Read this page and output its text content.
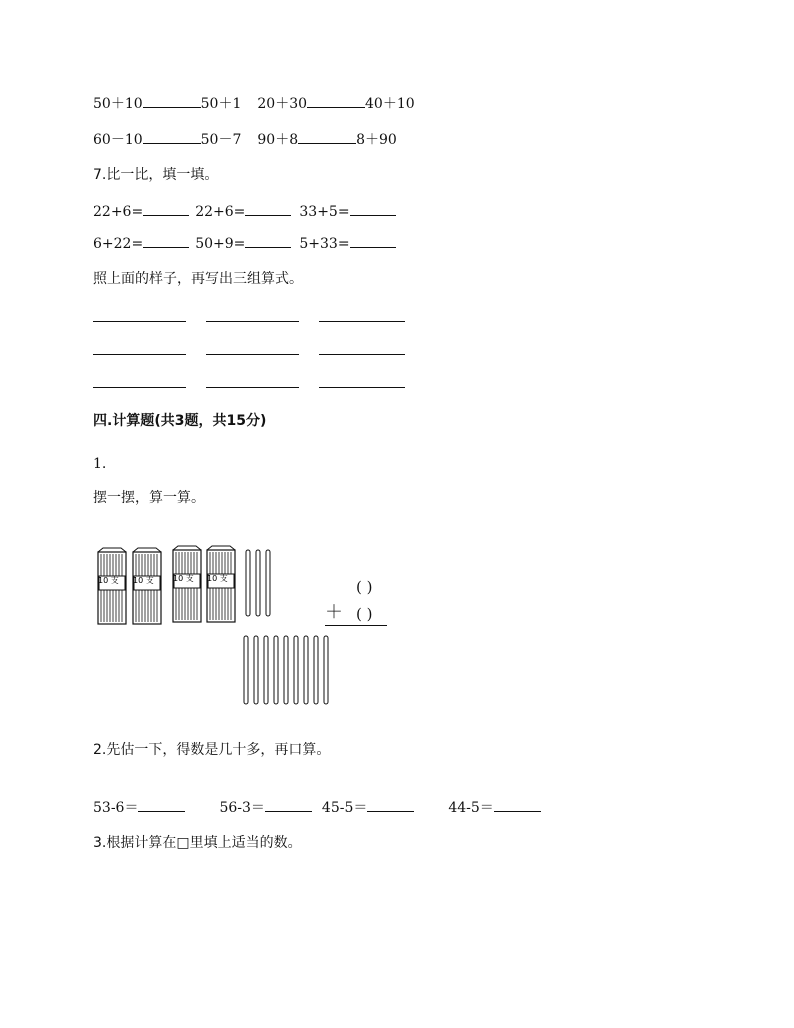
50＋10	50＋1 20＋30	40＋10
60－10	50－7 90＋8	8＋90
7.比一比，填一填。
22+6=	22+6=	33+5=
6+22=	50+9=	5+33=
照上面的样子，再写出三组算式。
四.计算题(共3题，共15分)
1.
摆一摆，算一算。
10 支 10 支 10 支 10 支	( )
＋ ( )
2.先估一下，得数是几十多，再口算。
53-6＝	56-3＝	45-5＝	44-5＝
3.根据计算在□里填上适当的数。
